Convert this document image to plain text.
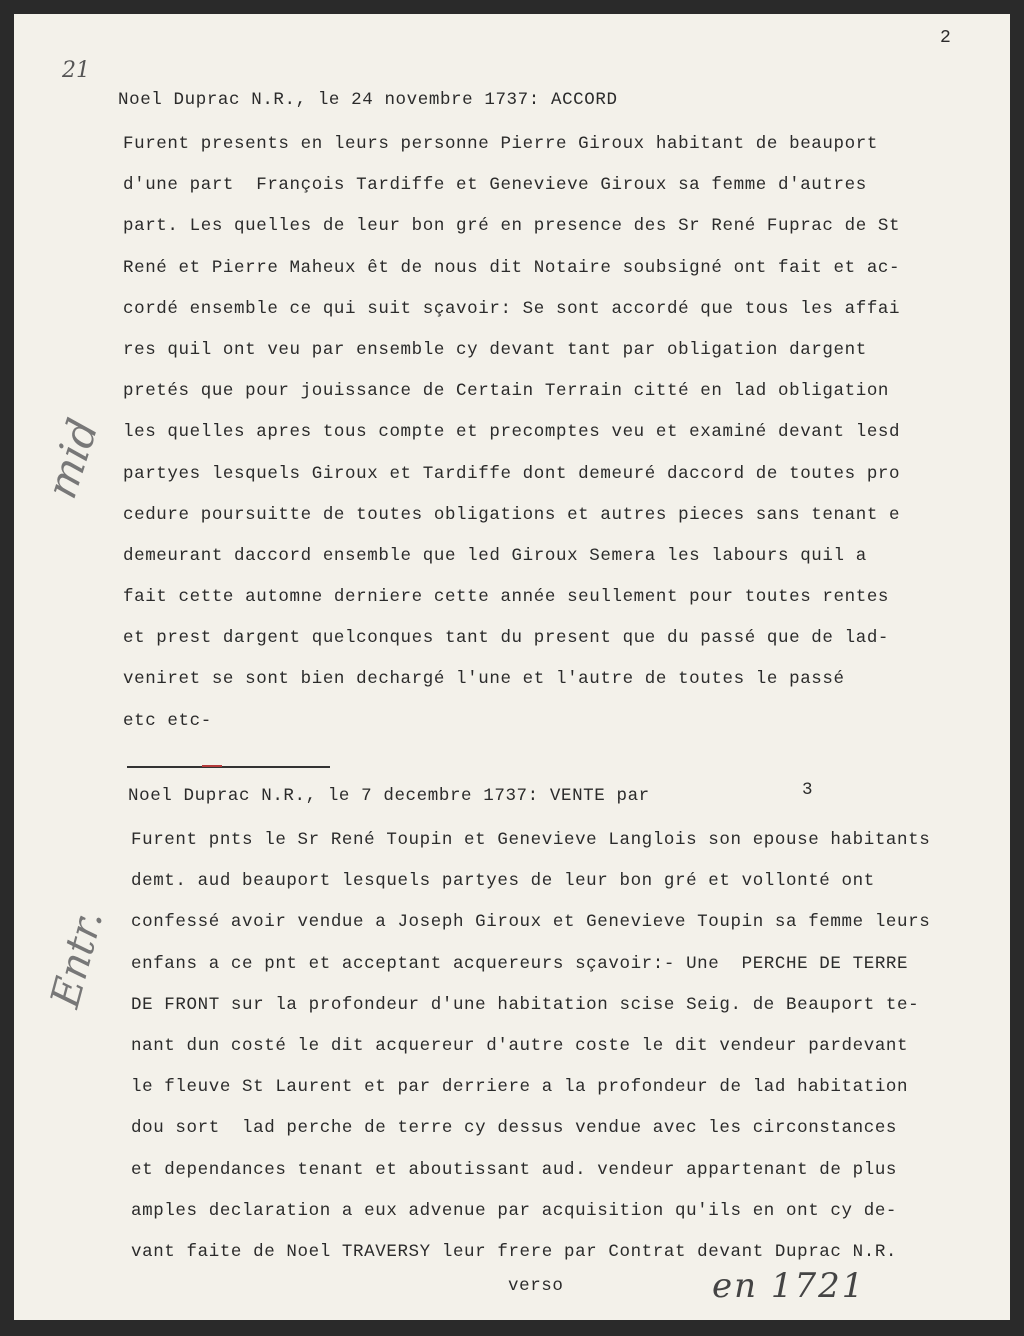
2
21
Noel Duprac N.R., le 24 novembre 1737: ACCORD
Furent presents en leurs personne Pierre Giroux habitant de beauport
d'une part  François Tardiffe et Genevieve Giroux sa femme d'autres
part. Les quelles de leur bon gré en presence des Sr René Fuprac de St
René et Pierre Maheux êt de nous dit Notaire soubsigné ont fait et ac-
cordé ensemble ce qui suit sçavoir: Se sont accordé que tous les affai
res quil ont veu par ensemble cy devant tant par obligation dargent
pretés que pour jouissance de Certain Terrain citté en lad obligation
les quelles apres tous compte et precomptes veu et examiné devant lesd
partyes lesquels Giroux et Tardiffe dont demeuré daccord de toutes pro
cedure poursuitte de toutes obligations et autres pieces sans tenant e
demeurant daccord ensemble que led Giroux Semera les labours quil a
fait cette automne derniere cette année seullement pour toutes rentes
et prest dargent quelconques tant du present que du passé que de lad-
veniret se sont bien dechargé l'une et l'autre de toutes le passé
etc etc-
Noel Duprac N.R., le 7 decembre 1737: VENTE par	3
Furent pnts le Sr René Toupin et Genevieve Langlois son epouse habitants
demt. aud beauport lesquels partyes de leur bon gré et vollonté ont
confessé avoir vendue a Joseph Giroux et Genevieve Toupin sa femme leurs
enfans a ce pnt et acceptant acquereurs sçavoir:- Une  PERCHE DE TERRE
DE FRONT sur la profondeur d'une habitation scise Seig. de Beauport te-
nant dun costé le dit acquereur d'autre coste le dit vendeur pardevant
le fleuve St Laurent et par derriere a la profondeur de lad habitation
dou sort  lad perche de terre cy dessus vendue avec les circonstances
et dependances tenant et aboutissant aud. vendeur appartenant de plus
amples declaration a eux advenue par acquisition qu'ils en ont cy de-
vant faite de Noel TRAVERSY leur frere par Contrat devant Duprac N.R.
verso
mid
Entr.
en 1721
